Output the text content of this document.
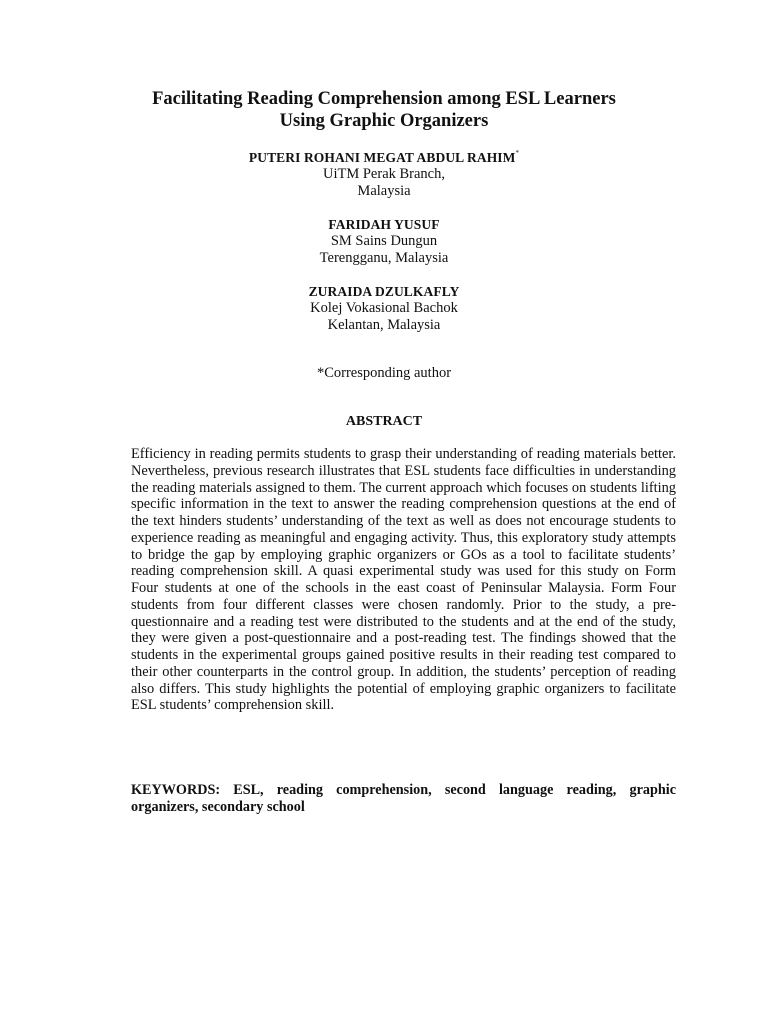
Facilitating Reading Comprehension among ESL Learners
Using Graphic Organizers
PUTERI ROHANI MEGAT ABDUL RAHIM*
UiTM Perak Branch,
Malaysia
FARIDAH YUSUF
SM Sains Dungun
Terengganu, Malaysia
ZURAIDA DZULKAFLY
Kolej Vokasional Bachok
Kelantan, Malaysia
*Corresponding author
ABSTRACT

Efficiency in reading permits students to grasp their understanding of reading materials better. Nevertheless, previous research illustrates that ESL students face difficulties in understanding the reading materials assigned to them. The current approach which focuses on students lifting specific information in the text to answer the reading comprehension questions at the end of the text hinders students’ understanding of the text as well as does not encourage students to experience reading as meaningful and engaging activity. Thus, this exploratory study attempts to bridge the gap by employing graphic organizers or GOs as a tool to facilitate students’ reading comprehension skill. A quasi experimental study was used for this study on Form Four students at one of the schools in the east coast of Peninsular Malaysia. Form Four students from four different classes were chosen randomly. Prior to the study, a pre-questionnaire and a reading test were distributed to the students and at the end of the study, they were given a post-questionnaire and a post-reading test. The findings showed that the students in the experimental groups gained positive results in their reading test compared to their other counterparts in the control group. In addition, the students’ perception of reading also differs. This study highlights the potential of employing graphic organizers to facilitate ESL students’ comprehension skill.

KEYWORDS: ESL, reading comprehension, second language reading, graphic organizers, secondary school
